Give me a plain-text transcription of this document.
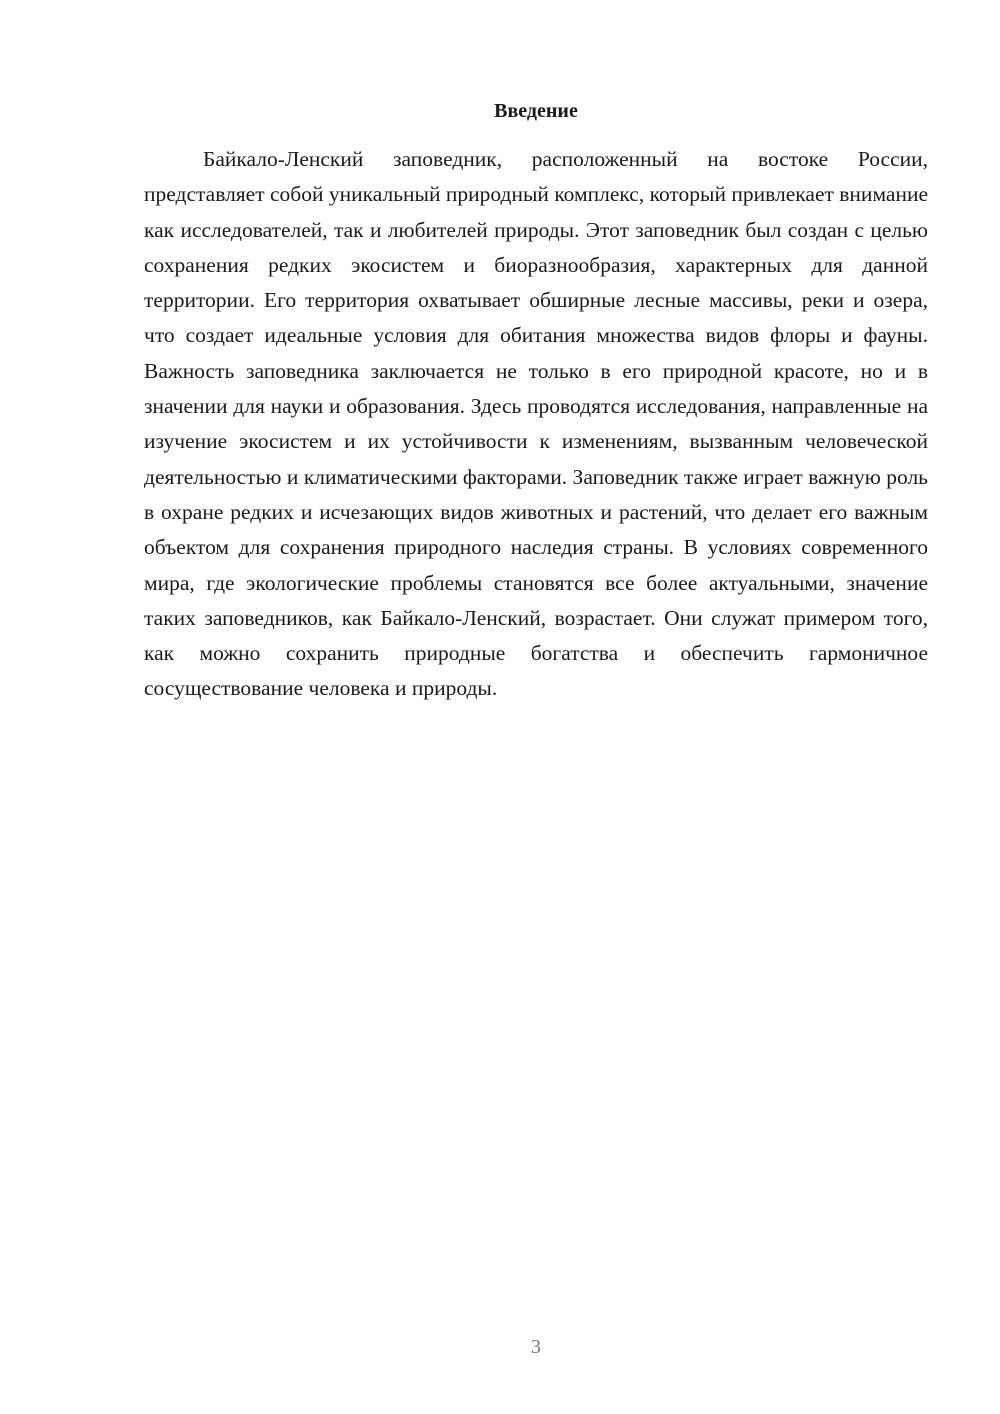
Введение

Байкало-Ленский заповедник, расположенный на востоке России, представляет собой уникальный природный комплекс, который привлекает внимание как исследователей, так и любителей природы. Этот заповедник был создан с целью сохранения редких экосистем и биоразнообразия, характерных для данной территории. Его территория охватывает обширные лесные массивы, реки и озера, что создает идеальные условия для обитания множества видов флоры и фауны. Важность заповедника заключается не только в его природной красоте, но и в значении для науки и образования. Здесь проводятся исследования, направленные на изучение экосистем и их устойчивости к изменениям, вызванным человеческой деятельностью и климатическими факторами. Заповедник также играет важную роль в охране редких и исчезающих видов животных и растений, что делает его важным объектом для сохранения природного наследия страны. В условиях современного мира, где экологические проблемы становятся все более актуальными, значение таких заповедников, как Байкало-Ленский, возрастает. Они служат примером того, как можно сохранить природные богатства и обеспечить гармоничное сосуществование человека и природы.

3
